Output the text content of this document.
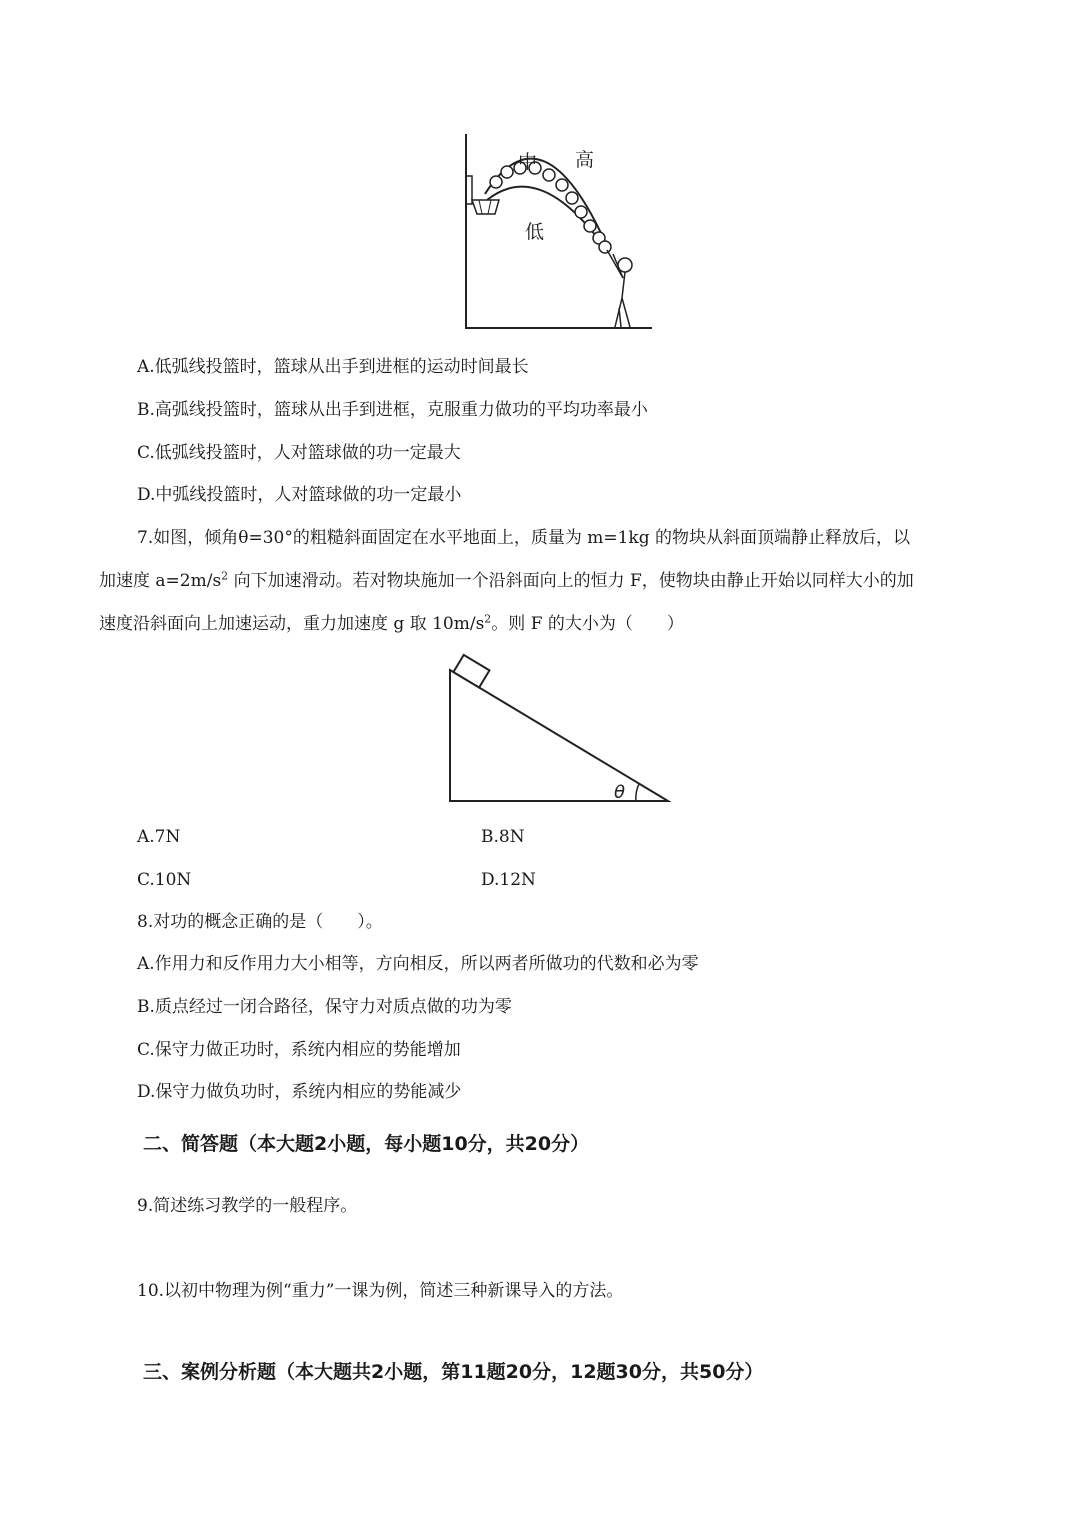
中 高
低
A.低弧线投篮时，篮球从出手到进框的运动时间最长
B.高弧线投篮时，篮球从出手到进框，克服重力做功的平均功率最小
C.低弧线投篮时，人对篮球做的功一定最大
D.中弧线投篮时，人对篮球做的功一定最小
7.如图，倾角θ=30°的粗糙斜面固定在水平地面上，质量为 m=1kg 的物块从斜面顶端静止释放后，以
加速度 $a=2m/s^2$ 向下加速滑动。若对物块施加一个沿斜面向上的恒力 F，使物块由静止开始以同样大小的加
速度沿斜面向上加速运动，重力加速度 g 取 $10m/s^2$。则 F 的大小为（　　）
θ
A.7N	B.8N
C.10N	D.12N
8.对功的概念正确的是（　　）。
A.作用力和反作用力大小相等，方向相反，所以两者所做功的代数和必为零
B.质点经过一闭合路径，保守力对质点做的功为零
C.保守力做正功时，系统内相应的势能增加
D.保守力做负功时，系统内相应的势能减少
二、简答题（本大题2小题，每小题10分，共20分）
9.简述练习教学的一般程序。
10.以初中物理为例“重力”一课为例，简述三种新课导入的方法。
三、案例分析题（本大题共2小题，第11题20分，12题30分，共50分）
